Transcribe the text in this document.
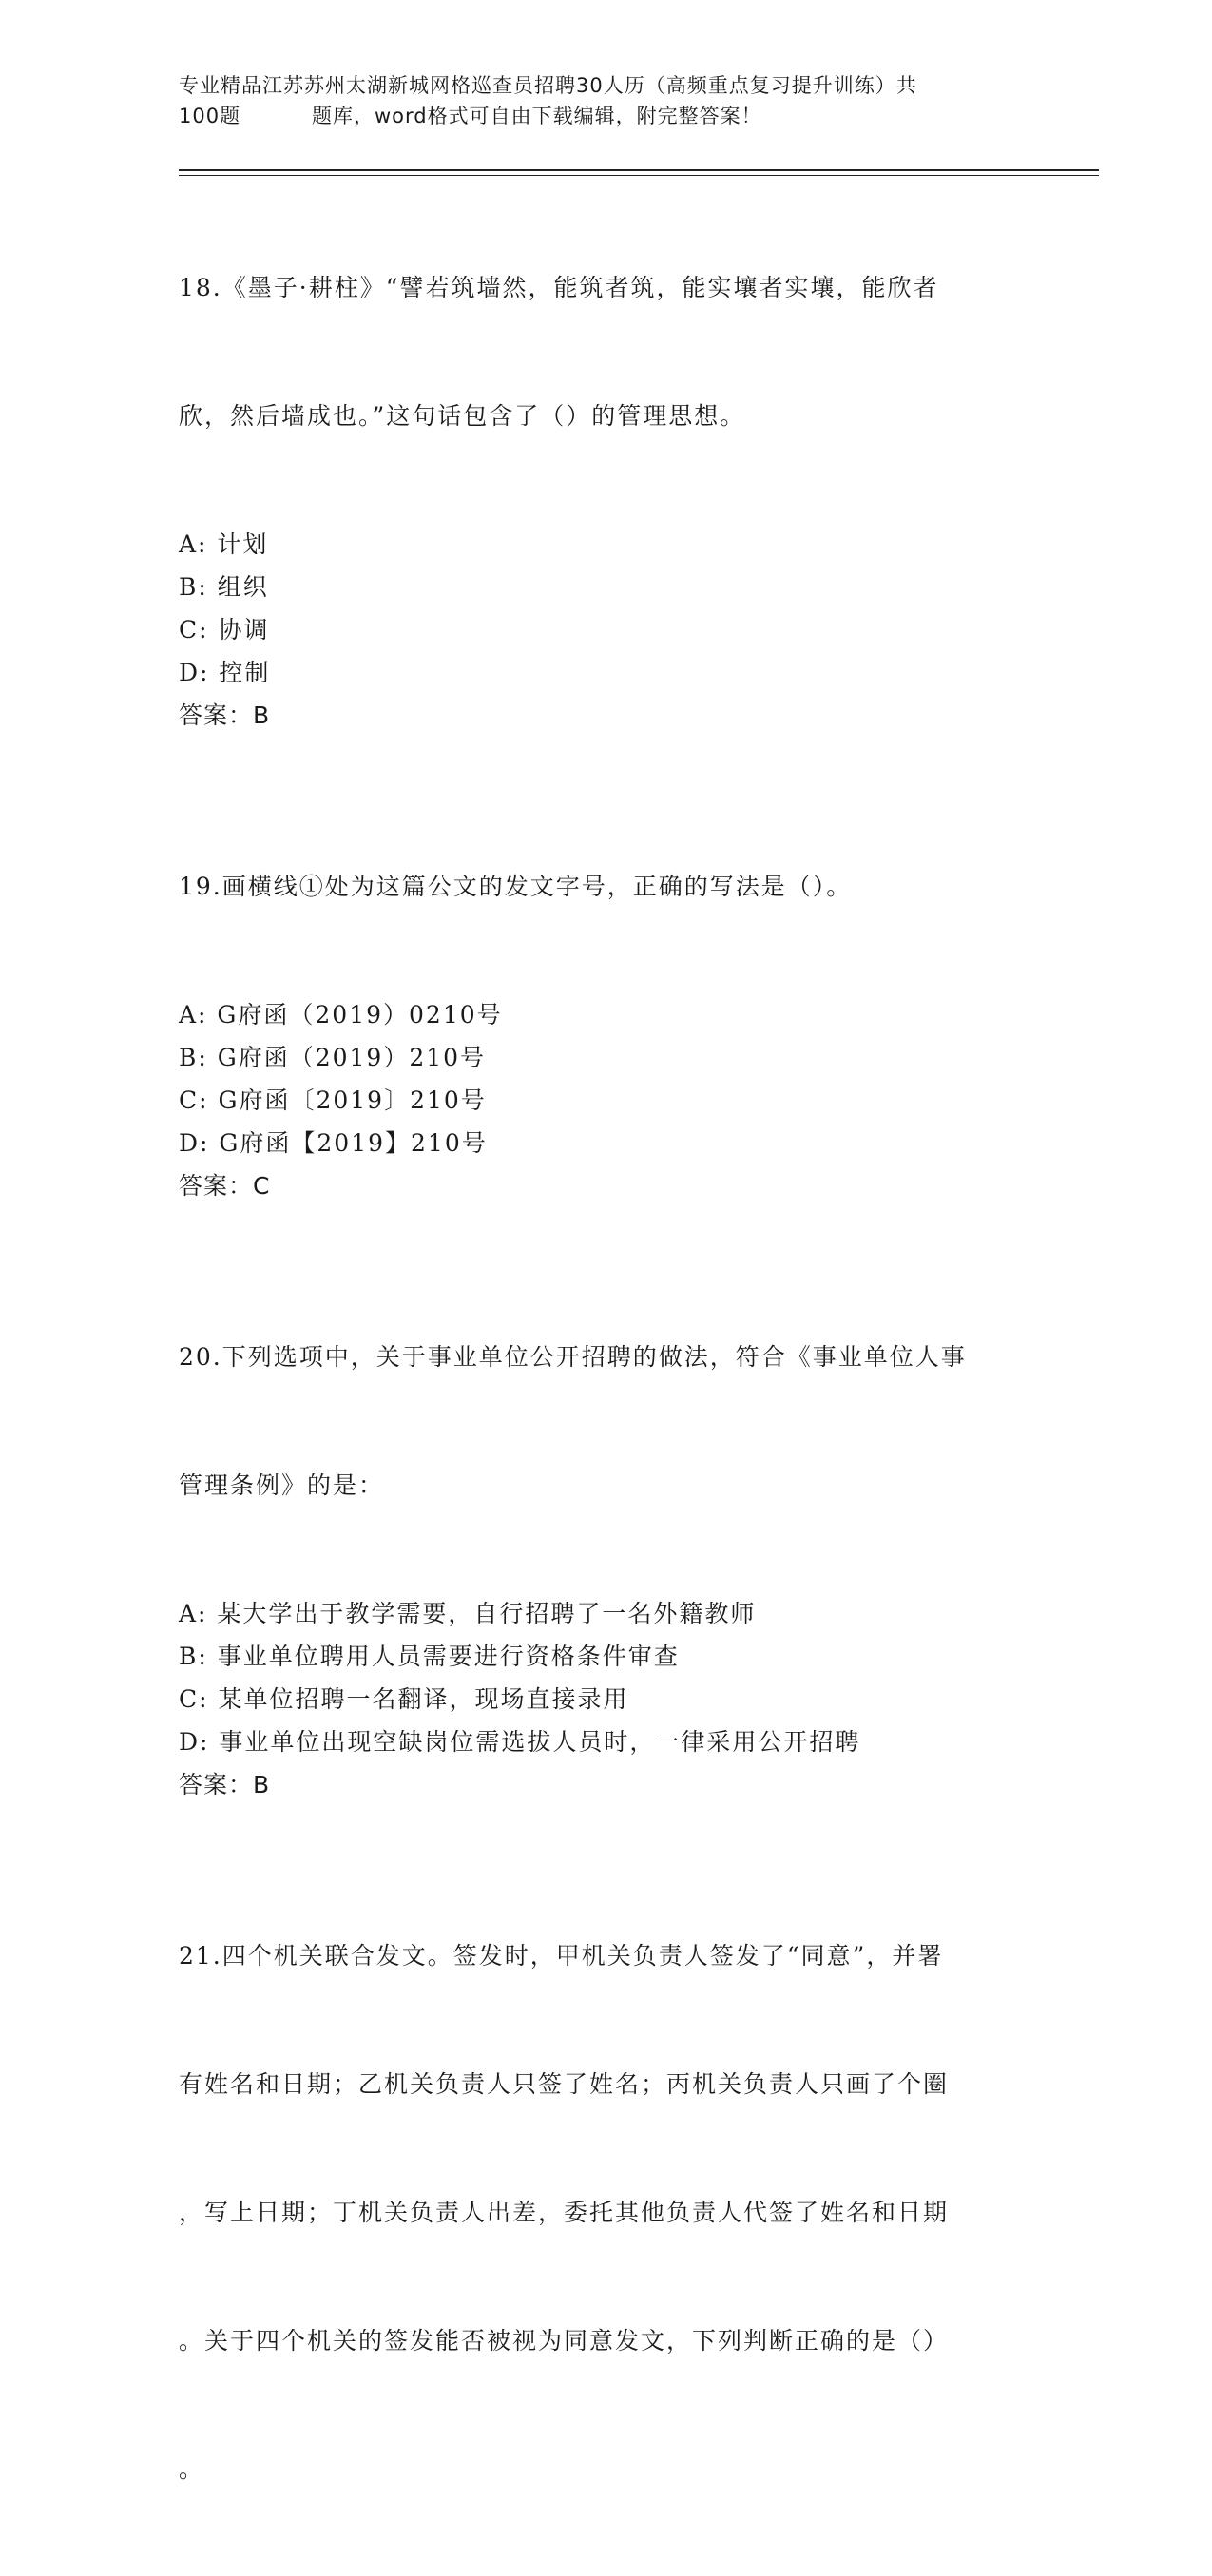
专业精品江苏苏州太湖新城网格巡查员招聘30人历（高频重点复习提升训练）共
100题	题库，word格式可自由下载编辑，附完整答案！

18.《墨子·耕柱》“譬若筑墙然，能筑者筑，能实壤者实壤，能欣者

欣，然后墙成也。”这句话包含了（）的管理思想。

A: 计划

B: 组织

C: 协调

D: 控制

答案：B

19.画横线①处为这篇公文的发文字号，正确的写法是（）。

A: G府函（2019）0210号

B: G府函（2019）210号

C: G府函〔2019〕210号

D: G府函【2019】210号

答案：C

20.下列选项中，关于事业单位公开招聘的做法，符合《事业单位人事

管理条例》的是：

A: 某大学出于教学需要，自行招聘了一名外籍教师

B: 事业单位聘用人员需要进行资格条件审查

C: 某单位招聘一名翻译，现场直接录用

D: 事业单位出现空缺岗位需选拔人员时，一律采用公开招聘

答案：B

21.四个机关联合发文。签发时，甲机关负责人签发了“同意”，并署

有姓名和日期；乙机关负责人只签了姓名；丙机关负责人只画了个圈

，写上日期；丁机关负责人出差，委托其他负责人代签了姓名和日期

。关于四个机关的签发能否被视为同意发文，下列判断正确的是（）

。
